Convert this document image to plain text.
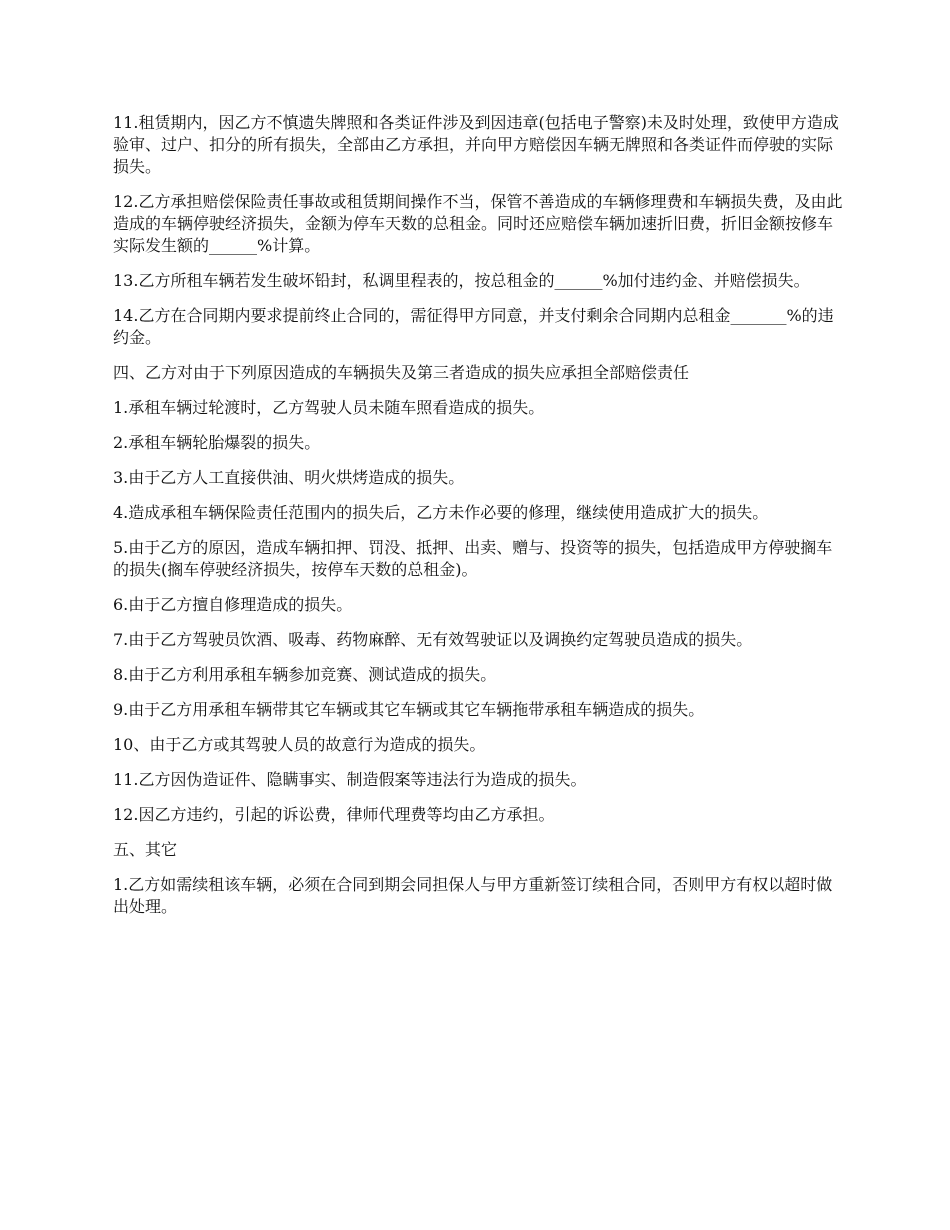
11.租赁期内，因乙方不慎遗失牌照和各类证件涉及到因违章(包括电子警察)未及时处理，致使甲方造成验审、过户、扣分的所有损失，全部由乙方承担，并向甲方赔偿因车辆无牌照和各类证件而停驶的实际损失。

12.乙方承担赔偿保险责任事故或租赁期间操作不当，保管不善造成的车辆修理费和车辆损失费，及由此造成的车辆停驶经济损失，金额为停车天数的总租金。同时还应赔偿车辆加速折旧费，折旧金额按修车实际发生额的______%计算。

13.乙方所租车辆若发生破坏铅封，私调里程表的，按总租金的______%加付违约金、并赔偿损失。

14.乙方在合同期内要求提前终止合同的，需征得甲方同意，并支付剩余合同期内总租金_______%的违约金。

四、乙方对由于下列原因造成的车辆损失及第三者造成的损失应承担全部赔偿责任

1.承租车辆过轮渡时，乙方驾驶人员未随车照看造成的损失。

2.承租车辆轮胎爆裂的损失。

3.由于乙方人工直接供油、明火烘烤造成的损失。

4.造成承租车辆保险责任范围内的损失后，乙方未作必要的修理，继续使用造成扩大的损失。

5.由于乙方的原因，造成车辆扣押、罚没、抵押、出卖、赠与、投资等的损失，包括造成甲方停驶搁车的损失(搁车停驶经济损失，按停车天数的总租金)。

6.由于乙方擅自修理造成的损失。

7.由于乙方驾驶员饮酒、吸毒、药物麻醉、无有效驾驶证以及调换约定驾驶员造成的损失。

8.由于乙方利用承租车辆参加竞赛、测试造成的损失。

9.由于乙方用承租车辆带其它车辆或其它车辆或其它车辆拖带承租车辆造成的损失。

10、由于乙方或其驾驶人员的故意行为造成的损失。

11.乙方因伪造证件、隐瞒事实、制造假案等违法行为造成的损失。

12.因乙方违约，引起的诉讼费，律师代理费等均由乙方承担。

五、其它

1.乙方如需续租该车辆，必须在合同到期会同担保人与甲方重新签订续租合同，否则甲方有权以超时做出处理。
